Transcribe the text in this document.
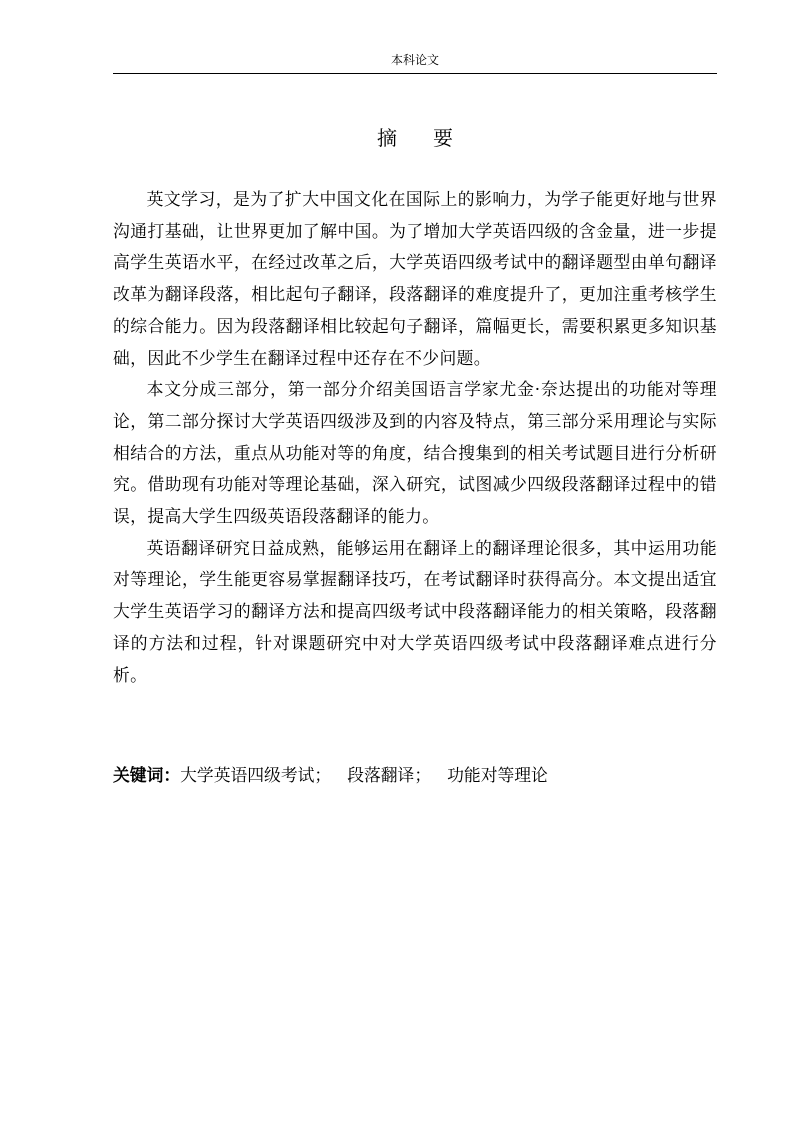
本科论文
摘要

英文学习，是为了扩大中国文化在国际上的影响力，为学子能更好地与世界沟通打基础，让世界更加了解中国。为了增加大学英语四级的含金量，进一步提高学生英语水平，在经过改革之后，大学英语四级考试中的翻译题型由单句翻译改革为翻译段落，相比起句子翻译，段落翻译的难度提升了，更加注重考核学生的综合能力。因为段落翻译相比较起句子翻译，篇幅更长，需要积累更多知识基础，因此不少学生在翻译过程中还存在不少问题。

本文分成三部分，第一部分介绍美国语言学家尤金·奈达提出的功能对等理论，第二部分探讨大学英语四级涉及到的内容及特点，第三部分采用理论与实际相结合的方法，重点从功能对等的角度，结合搜集到的相关考试题目进行分析研究。借助现有功能对等理论基础，深入研究，试图减少四级段落翻译过程中的错误，提高大学生四级英语段落翻译的能力。

英语翻译研究日益成熟，能够运用在翻译上的翻译理论很多，其中运用功能对等理论，学生能更容易掌握翻译技巧，在考试翻译时获得高分。本文提出适宜大学生英语学习的翻译方法和提高四级考试中段落翻译能力的相关策略，段落翻译的方法和过程，针对课题研究中对大学英语四级考试中段落翻译难点进行分析。

关键词：大学英语四级考试； 段落翻译； 功能对等理论
